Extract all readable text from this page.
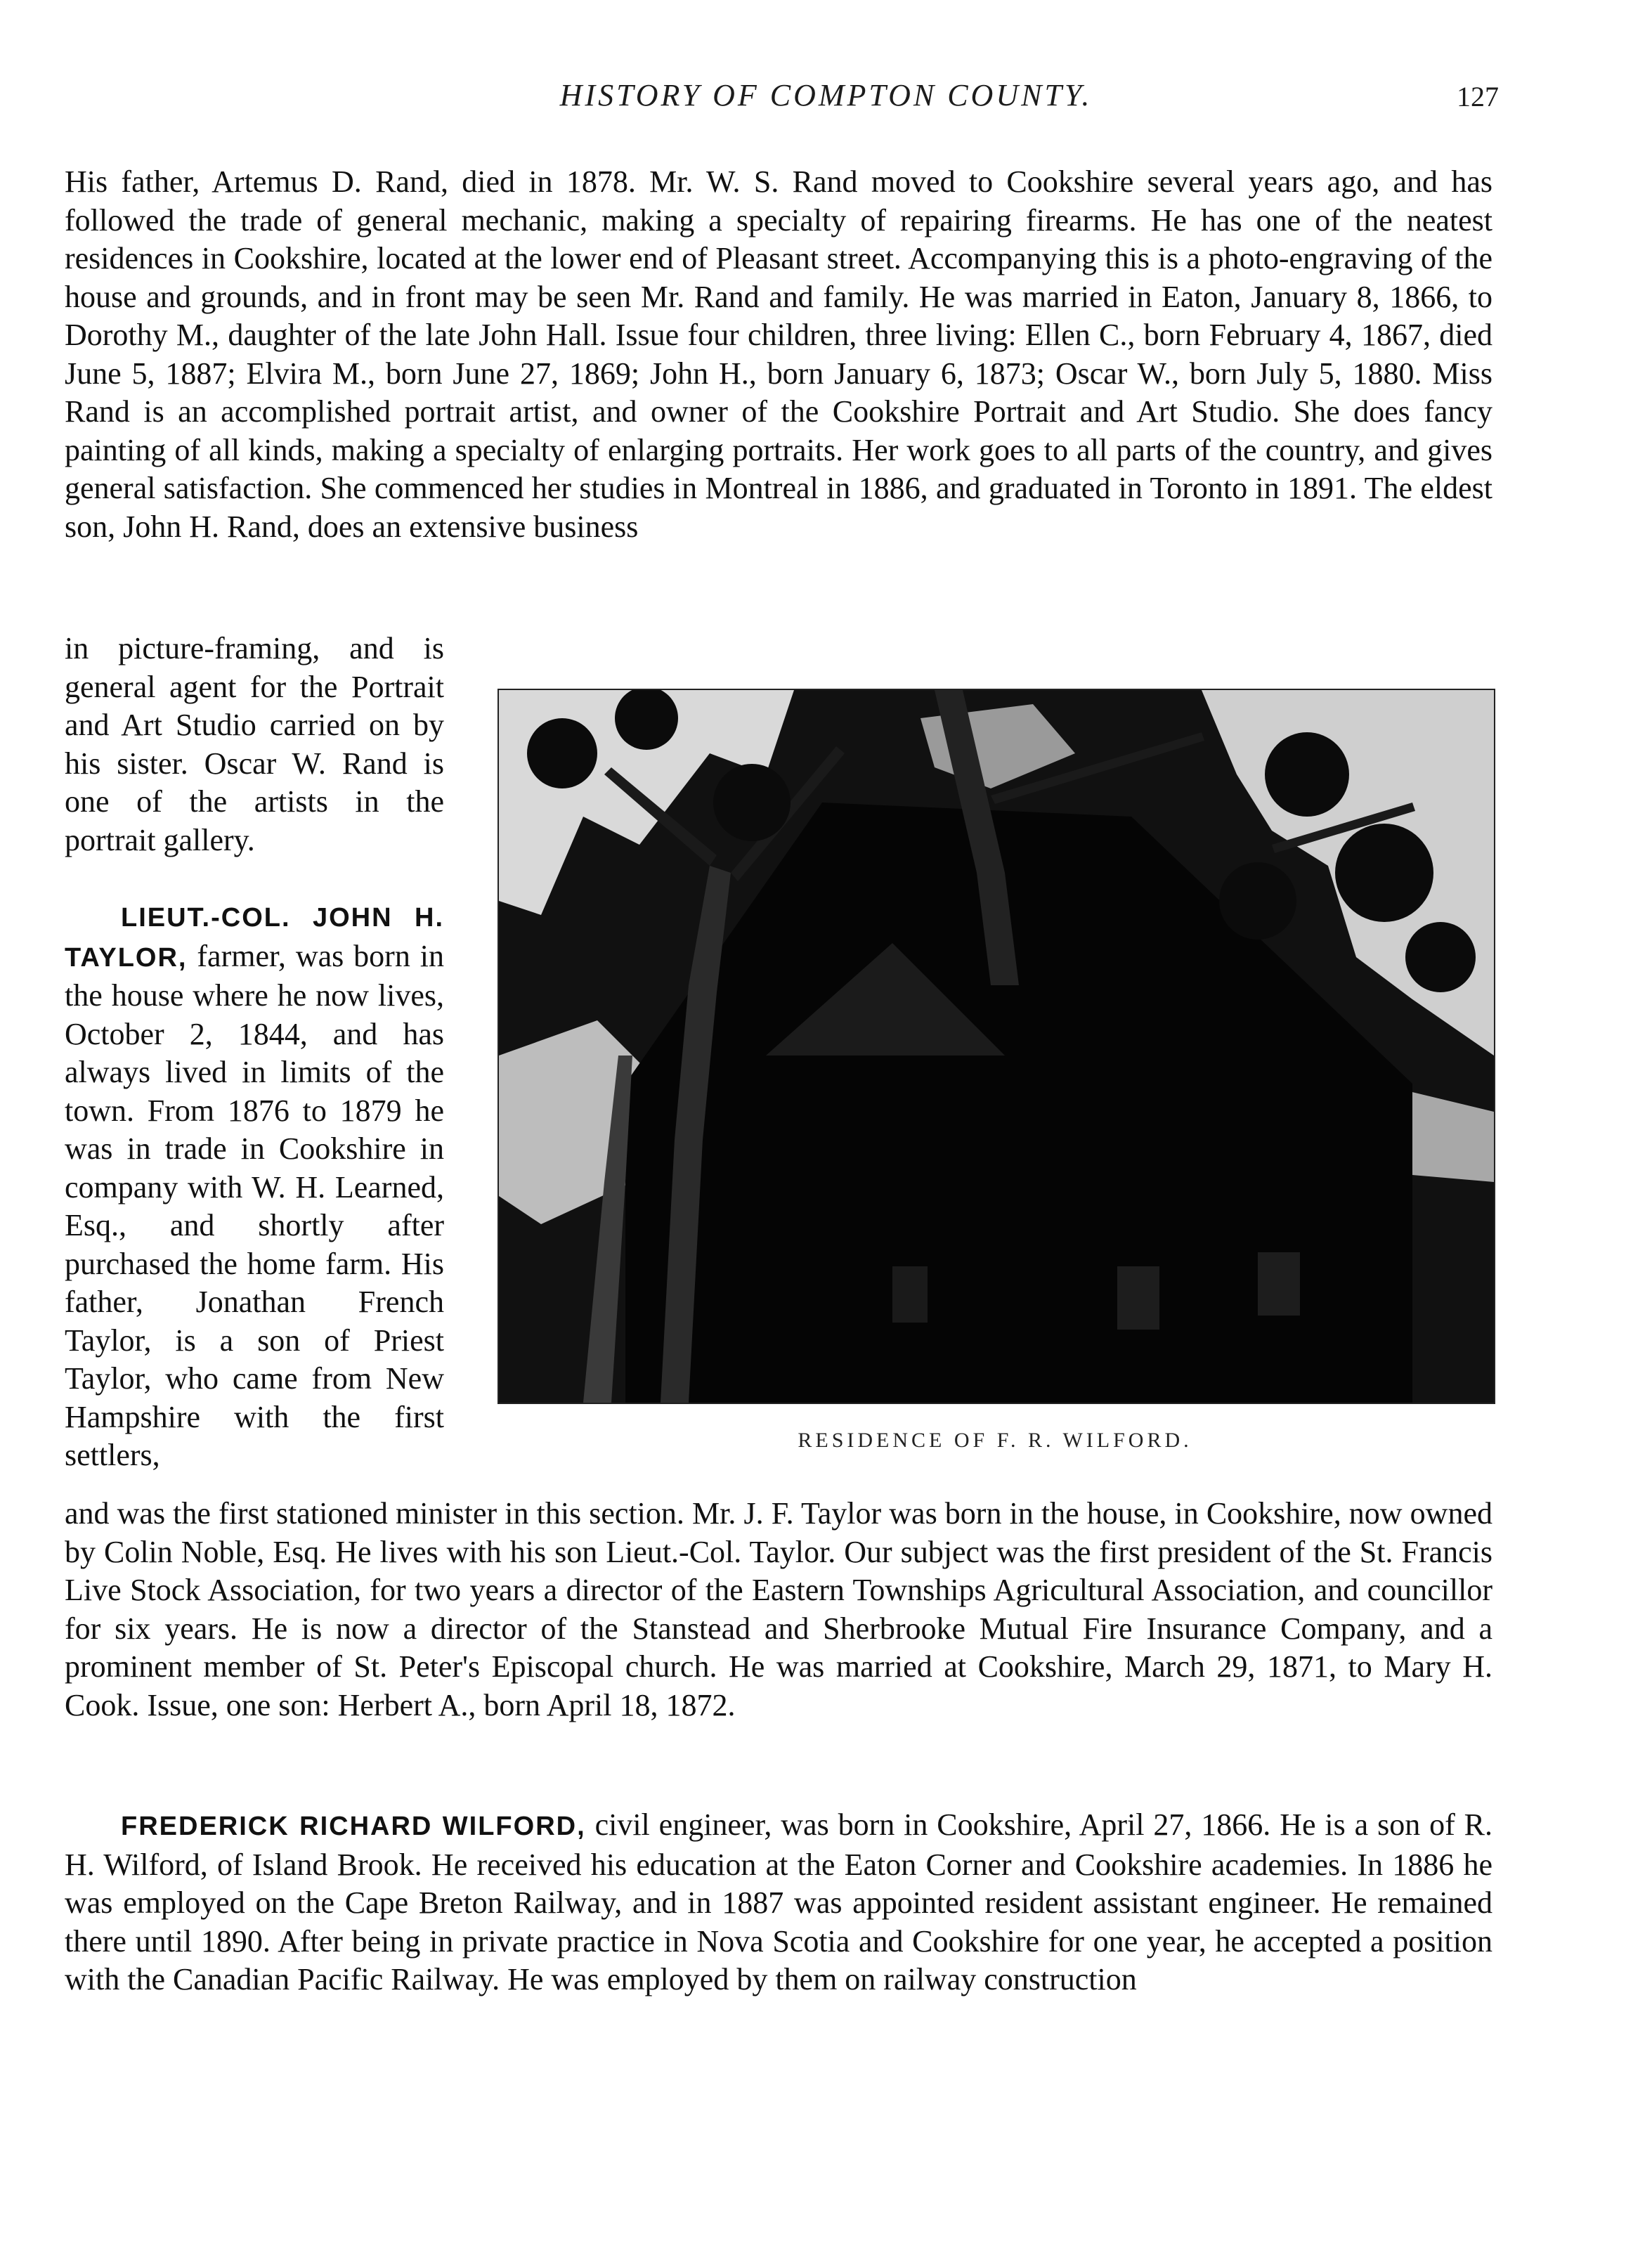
HISTORY OF COMPTON COUNTY.	127

His father, Artemus D. Rand, died in 1878. Mr. W. S. Rand moved to Cookshire several years ago, and has followed the trade of general mechanic, making a specialty of repairing firearms. He has one of the neatest residences in Cookshire, located at the lower end of Pleasant street. Accompanying this is a photo-engraving of the house and grounds, and in front may be seen Mr. Rand and family. He was married in Eaton, January 8, 1866, to Dorothy M., daughter of the late John Hall. Issue four children, three living: Ellen C., born February 4, 1867, died June 5, 1887; Elvira M., born June 27, 1869; John H., born January 6, 1873; Oscar W., born July 5, 1880. Miss Rand is an accomplished portrait artist, and owner of the Cookshire Portrait and Art Studio. She does fancy painting of all kinds, making a specialty of enlarging portraits. Her work goes to all parts of the country, and gives general satisfaction. She commenced her studies in Montreal in 1886, and graduated in Toronto in 1891. The eldest son, John H. Rand, does an extensive business

in picture-framing, and is general agent for the Portrait and Art Studio carried on by his sister. Oscar W. Rand is one of the artists in the portrait gallery.

LIEUT.-COL. JOHN H. TAYLOR, farmer, was born in the house where he now lives, October 2, 1844, and has always lived in limits of the town. From 1876 to 1879 he was in trade in Cookshire in company with W. H. Learned, Esq., and shortly after purchased the home farm. His father, Jonathan French Taylor, is a son of Priest Taylor, who came from New Hampshire with the first settlers,	RESIDENCE OF F. R. WILFORD.

and was the first stationed minister in this section. Mr. J. F. Taylor was born in the house, in Cookshire, now owned by Colin Noble, Esq. He lives with his son Lieut.-Col. Taylor. Our subject was the first president of the St. Francis Live Stock Association, for two years a director of the Eastern Townships Agricultural Association, and councillor for six years. He is now a director of the Stanstead and Sherbrooke Mutual Fire Insurance Company, and a prominent member of St. Peter's Episcopal church. He was married at Cookshire, March 29, 1871, to Mary H. Cook. Issue, one son: Herbert A., born April 18, 1872.

FREDERICK RICHARD WILFORD, civil engineer, was born in Cookshire, April 27, 1866. He is a son of R. H. Wilford, of Island Brook. He received his education at the Eaton Corner and Cookshire academies. In 1886 he was employed on the Cape Breton Railway, and in 1887 was appointed resident assistant engineer. He remained there until 1890. After being in private practice in Nova Scotia and Cookshire for one year, he accepted a position with the Canadian Pacific Railway. He was employed by them on railway construction
